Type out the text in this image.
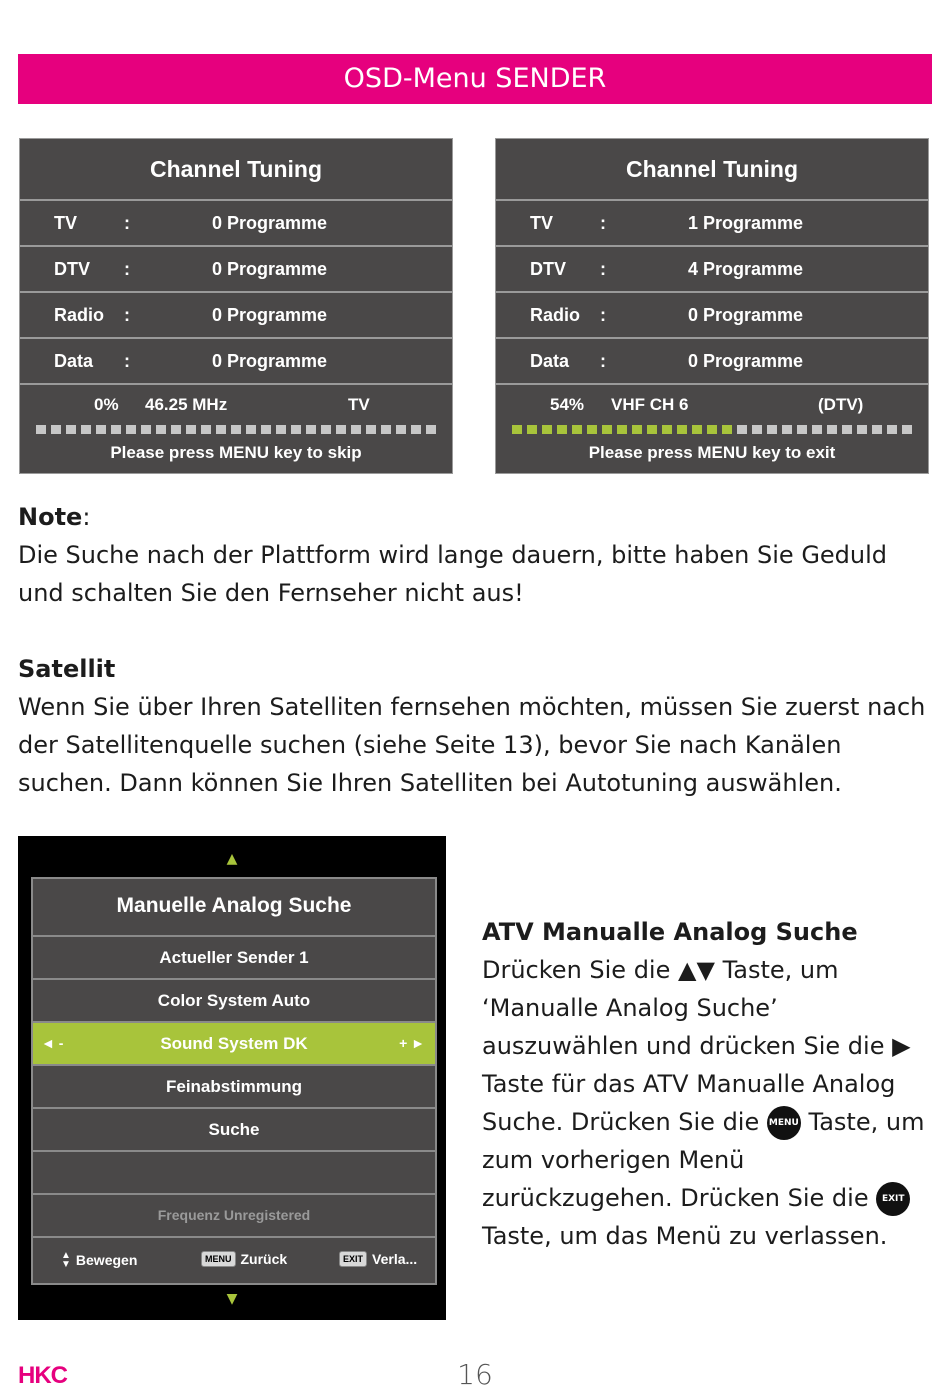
OSD-Menu SENDER
Channel Tuning
TV	:	0 Programme
DTV :	0 Programme
Radio :	0 Programme
Data :	0 Programme
0% 46.25 MHz	TV
Please press MENU key to skip
Channel Tuning
TV	:	1 Programme
DTV :	4 Programme
Radio :	0 Programme
Data :	0 Programme
54% VHF CH 6	(DTV)
Please press MENU key to exit
Note:
Die Suche nach der Plattform wird lange dauern, bitte haben Sie Geduld und schalten Sie den Fernseher nicht aus!
Satellit
Wenn Sie über Ihren Satelliten fernsehen möchten, müssen Sie zuerst nach der Satellitenquelle suchen (siehe Seite 13), bevor Sie nach Kanälen suchen. Dann können Sie Ihren Satelliten bei Autotuning auswählen.
▲
Manuelle Analog Suche
Actueller Sender 1
Color System Auto
◄ -	Sound System DK	+ ►
Feinabstimmung
Suche
Frequenz Unregistered
▲
▼ Bewegen	MENU Zurück	EXIT Verla...
▼
ATV Manualle Analog Suche
Drücken Sie die ▲▼ Taste, um ‘Manualle Analog Suche’ auszuwählen und drücken Sie die ▶ Taste für das ATV Manualle Analog Suche. Drücken Sie die MENU Taste, um zum vorherigen Menü zurückzugehen. Drücken Sie die EXIT Taste, um das Menü zu verlassen.
HKC	16
